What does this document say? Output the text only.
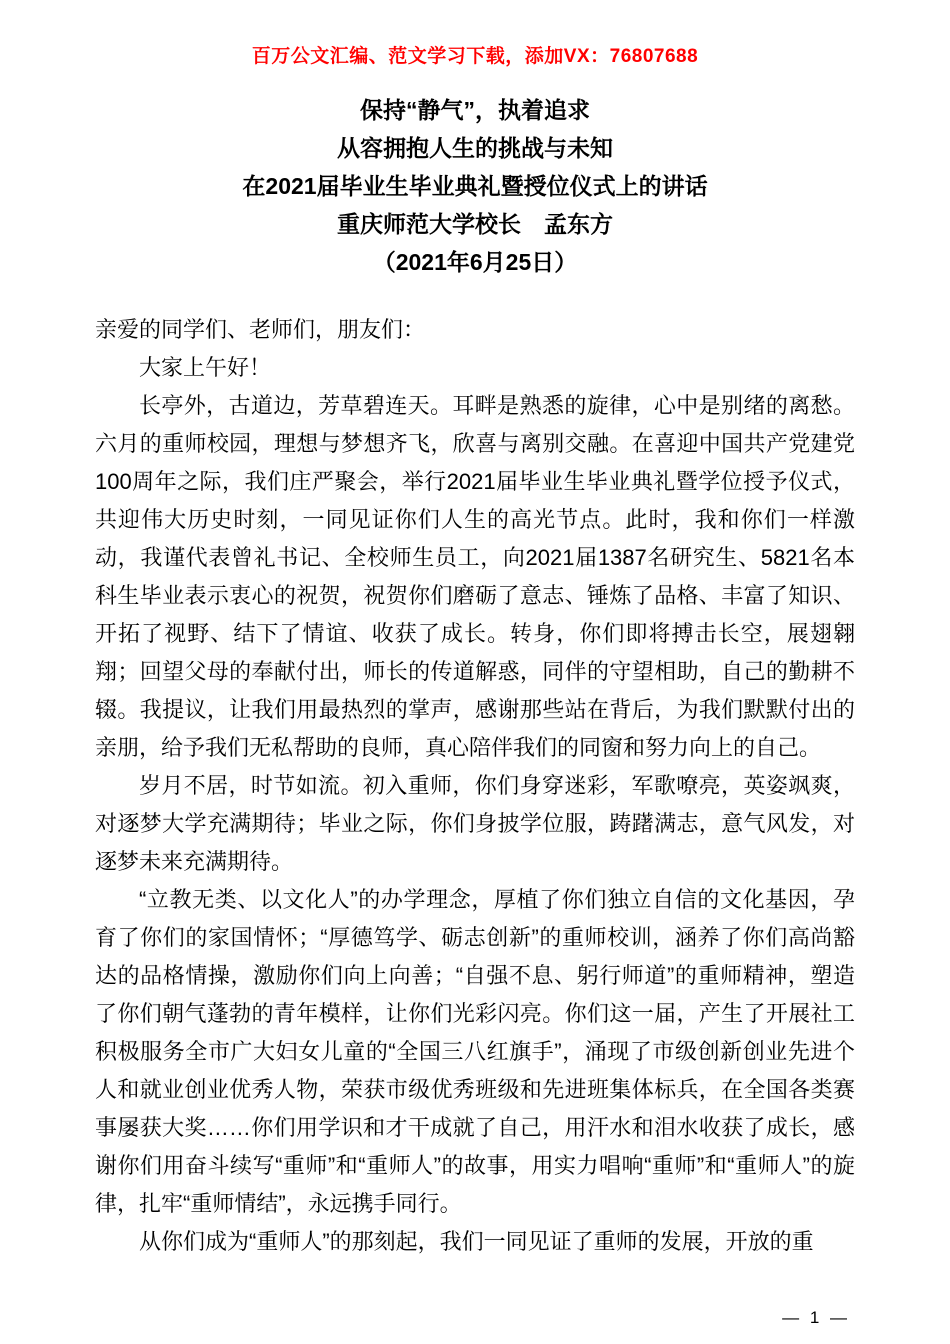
百万公文汇编、范文学习下载，添加VX：76807688
保持“静气”，执着追求
从容拥抱人生的挑战与未知
在2021届毕业生毕业典礼暨授位仪式上的讲话
重庆师范大学校长　孟东方
（2021年6月25日）

亲爱的同学们、老师们，朋友们：

大家上午好！

长亭外，古道边，芳草碧连天。耳畔是熟悉的旋律，心中是别绪的离愁。六月的重师校园，理想与梦想齐飞，欣喜与离别交融。在喜迎中国共产党建党100周年之际，我们庄严聚会，举行2021届毕业生毕业典礼暨学位授予仪式，共迎伟大历史时刻，一同见证你们人生的高光节点。此时，我和你们一样激动，我谨代表曾礼书记、全校师生员工，向2021届1387名研究生、5821名本科生毕业表示衷心的祝贺，祝贺你们磨砺了意志、锤炼了品格、丰富了知识、开拓了视野、结下了情谊、收获了成长。转身，你们即将搏击长空，展翅翱翔；回望父母的奉献付出，师长的传道解惑，同伴的守望相助，自己的勤耕不辍。我提议，让我们用最热烈的掌声，感谢那些站在背后，为我们默默付出的亲朋，给予我们无私帮助的良师，真心陪伴我们的同窗和努力向上的自己。

岁月不居，时节如流。初入重师，你们身穿迷彩，军歌嘹亮，英姿飒爽，对逐梦大学充满期待；毕业之际，你们身披学位服，踌躇满志，意气风发，对逐梦未来充满期待。

“立教无类、以文化人”的办学理念，厚植了你们独立自信的文化基因，孕育了你们的家国情怀；“厚德笃学、砺志创新”的重师校训，涵养了你们高尚豁达的品格情操，激励你们向上向善；“自强不息、躬行师道”的重师精神，塑造了你们朝气蓬勃的青年模样，让你们光彩闪亮。你们这一届，产生了开展社工积极服务全市广大妇女儿童的“全国三八红旗手”，涌现了市级创新创业先进个人和就业创业优秀人物，荣获市级优秀班级和先进班集体标兵，在全国各类赛事屡获大奖……你们用学识和才干成就了自己，用汗水和泪水收获了成长，感谢你们用奋斗续写“重师”和“重师人”的故事，用实力唱响“重师”和“重师人”的旋律，扎牢“重师情结”，永远携手同行。

从你们成为“重师人”的那刻起，我们一同见证了重师的发展，开放的重

— 1 —
